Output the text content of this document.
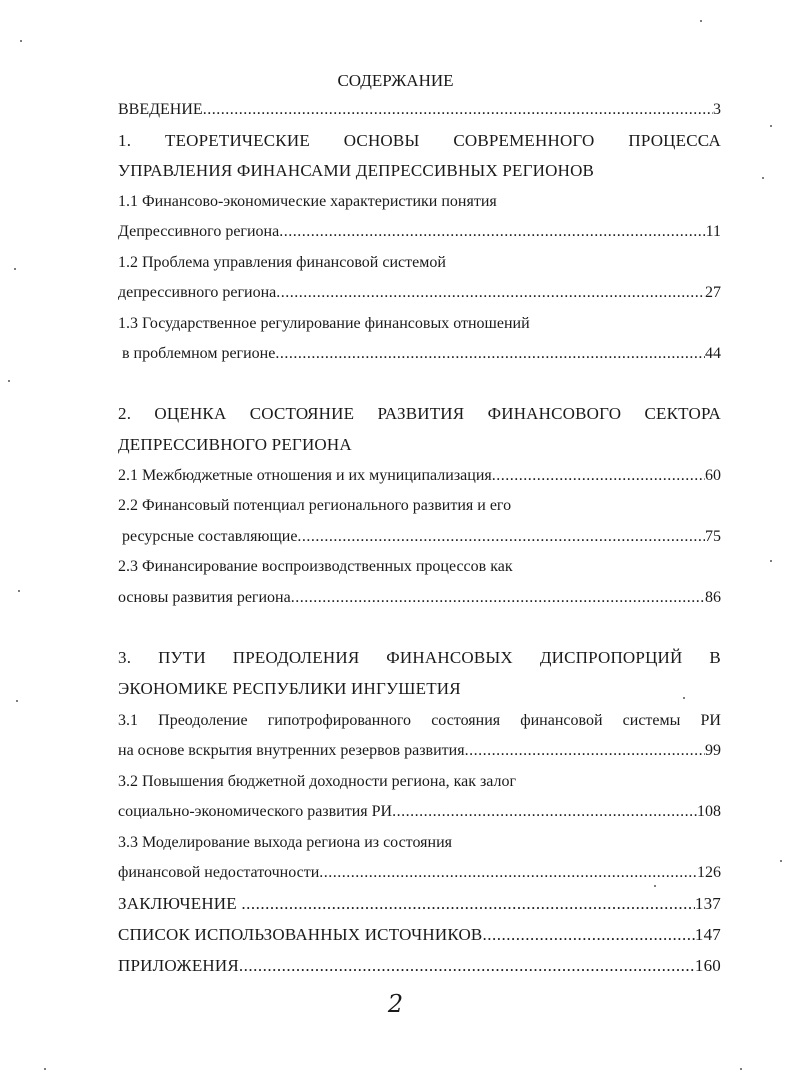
СОДЕРЖАНИЕ
ВВЕДЕНИЕ .....	3
1. ТЕОРЕТИЧЕСКИЕ ОСНОВЫ СОВРЕМЕННОГО ПРОЦЕССА
УПРАВЛЕНИЯ ФИНАНСАМИ ДЕПРЕССИВНЫХ РЕГИОНОВ
1.1 Финансово-экономические характеристики понятия
Депрессивного региона .....	11
1.2 Проблема управления финансовой системой
депрессивного региона .....	27
1.3 Государственное регулирование финансовых отношений
в проблемном регионе .....	44
2. ОЦЕНКА СОСТОЯНИЕ РАЗВИТИЯ ФИНАНСОВОГО СЕКТОРА
ДЕПРЕССИВНОГО РЕГИОНА
2.1 Межбюджетные отношения и их муниципализация .....	60
2.2 Финансовый потенциал регионального развития и его
ресурсные составляющие .....	75
2.3 Финансирование воспроизводственных процессов как
основы развития региона .....	86
3. ПУТИ ПРЕОДОЛЕНИЯ ФИНАНСОВЫХ ДИСПРОПОРЦИЙ В
ЭКОНОМИКЕ РЕСПУБЛИКИ ИНГУШЕТИЯ
3.1 Преодоление гипотрофированного состояния финансовой системы РИ
на основе вскрытия внутренних резервов развития .....	99
3.2 Повышения бюджетной доходности региона, как залог
социально-экономического развития РИ .....	108
3.3 Моделирование выхода региона из состояния
финансовой недостаточности .....	126
ЗАКЛЮЧЕНИЕ .....	137
СПИСОК ИСПОЛЬЗОВАННЫХ ИСТОЧНИКОВ .....	147
ПРИЛОЖЕНИЯ .....	160
2
